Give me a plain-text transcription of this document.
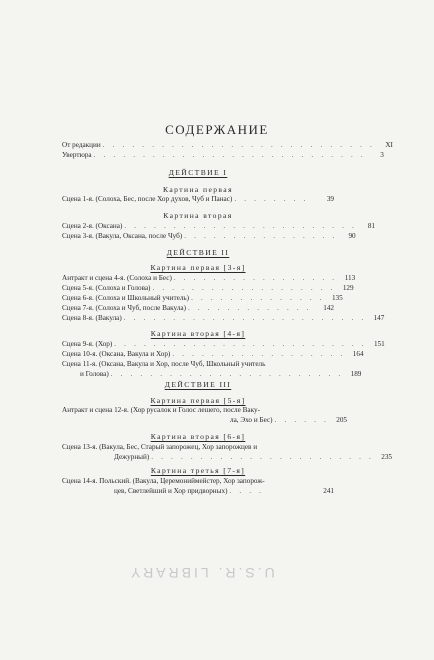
СОДЕРЖАНИЕ
От редакции . . . . . . . . . . . . . . . . . . . . . . . . . . . .	XI
Увертюра . . . . . . . . . . . . . . . . . . . . . . . . . . . .	3
ДЕЙСТВИЕ I
Картина первая
Сцена 1-я. (Солоха, Бес, после Хор духов, Чуб и Панас) . . . . . . . .	39
Картина вторая
Сцена 2-я. (Оксана) . . . . . . . . . . . . . . . . . . . . . . . .	81
Сцена 3-я. (Вакула, Оксана, после Чуб) . . . . . . . . . . . . . . . .	90
ДЕЙСТВИЕ II
Картина первая [3-я]
Антракт и сцена 4-я. (Солоха и Бес) . . . . . . . . . . . . . . . . .	113
Сцена 5-я. (Солоха и Голова) . . . . . . . . . . . . . . . . . . .	129
Сцена 6-я. (Солоха и Школьный учитель) . . . . . . . . . . . . . .	135
Сцена 7-я. (Солоха и Чуб, после Вакула) . . . . . . . . . . . . .	142
Сцена 8-я. (Вакула) . . . . . . . . . . . . . . . . . . . . . . . . .	147
Картина вторая [4-я]
Сцена 9-я. (Хор) . . . . . . . . . . . . . . . . . . . . . . . . . .	151
Сцена 10-я. (Оксана, Вакула и Хор) . . . . . . . . . . . . . . . . . .	164
Сцена 11-я. (Оксана, Вакула и Хор, после Чуб, Школьный учитель
и Голова) . . . . . . . . . . . . . . . . . . . . . . . .	189
ДЕЙСТВИЕ III
Картина первая [5-я]
Антракт и сцена 12-я. (Хор русалок и Голос лешего, после Ваку-
ла, Эхо и Бес) . . . . . .	205
Картина вторая [6-я]
Сцена 13-я. (Вакула, Бес, Старый запорожец, Хор запорожцев и
Дежурный) . . . . . . . . . . . . . . . . . . . . . . .	235
Картина третья [7-я]
Сцена 14-я. Польский. (Вакула, Церемониймейстер, Хор запорож-
цев, Светлейший и Хор придворных) . . . .	241
U.S.R. LIBRARY
